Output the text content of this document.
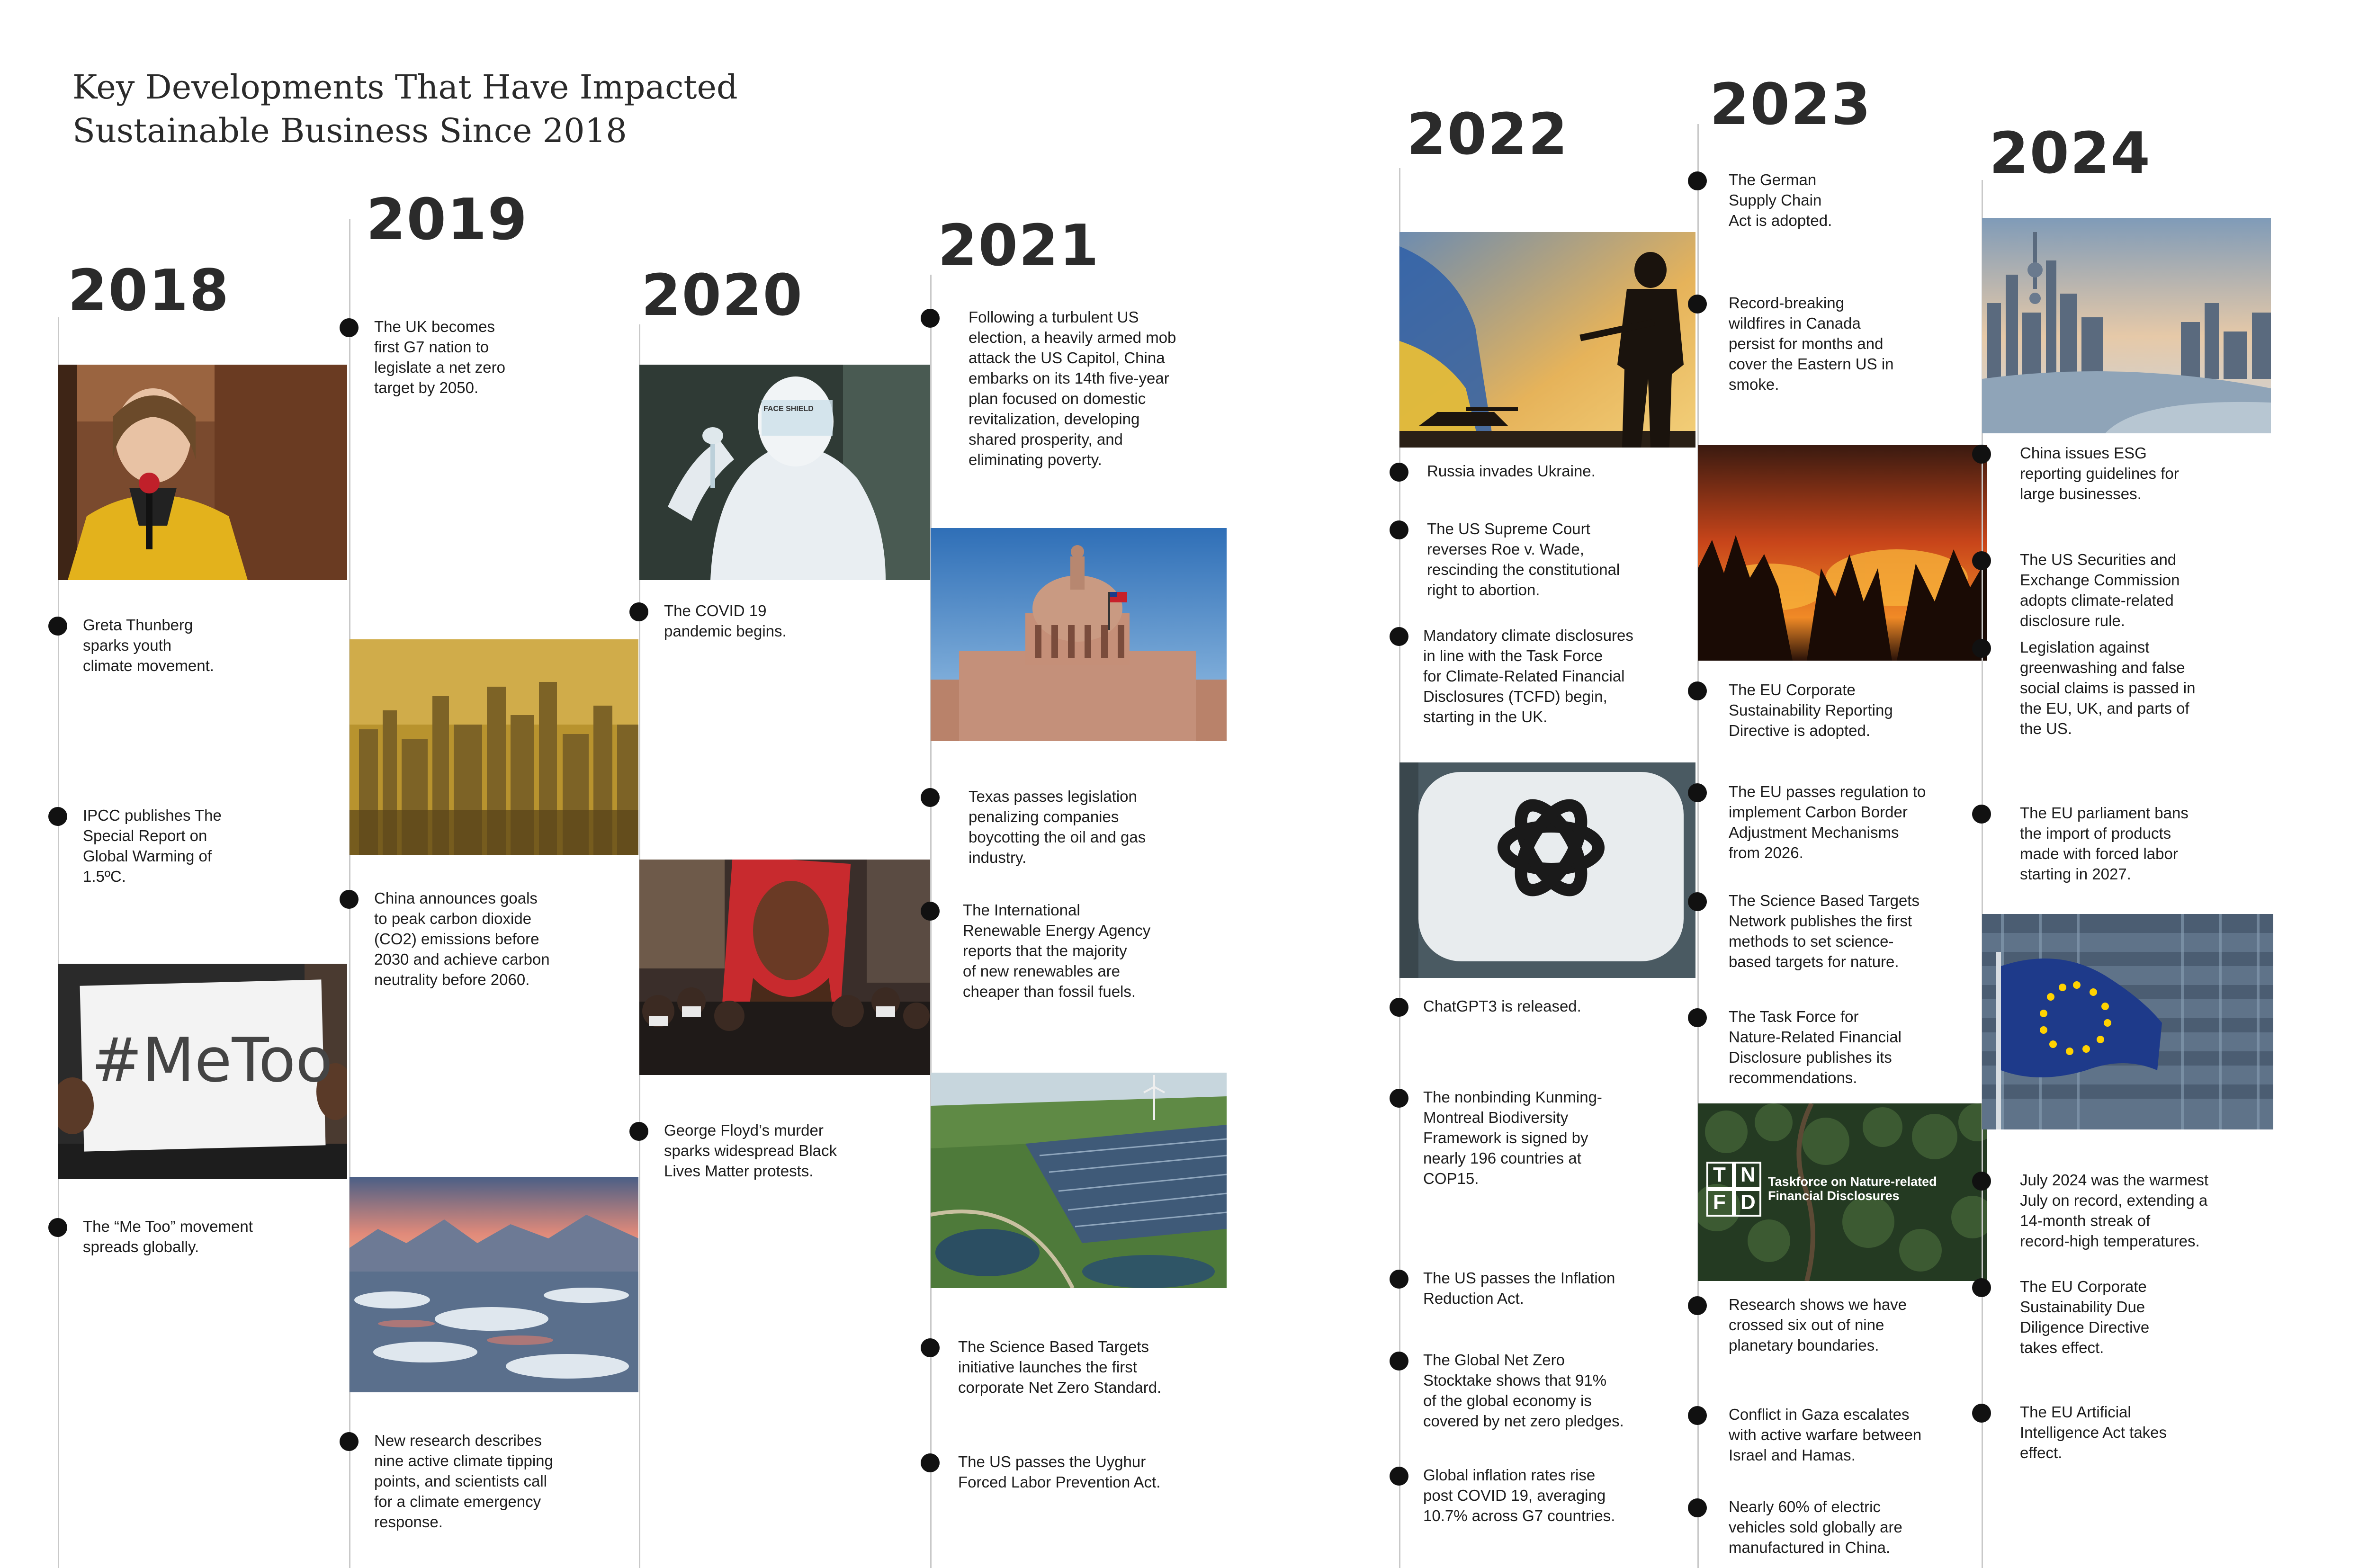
Key Developments That Have Impacted
Sustainable Business Since 2018
2018
Greta Thunberg
sparks youth
climate movement.
IPCC publishes The
Special Report on
Global Warming of
1.5ºC.
#MeToo
The “Me Too” movement
spreads globally.
2019
The UK becomes
first G7 nation to
legislate a net zero
target by 2050.
China announces goals
to peak carbon dioxide
(CO2) emissions before
2030 and achieve carbon
neutrality before 2060.
New research describes
nine active climate tipping
points, and scientists call
for a climate emergency
response.
2020
FACE SHIELD
The COVID 19
pandemic begins.
George Floyd’s murder
sparks widespread Black
Lives Matter protests.
2021
Following a turbulent US
election, a heavily armed mob
attack the US Capitol, China
embarks on its 14th five-year
plan focused on domestic
revitalization, developing
shared prosperity, and
eliminating poverty.
Texas passes legislation
penalizing companies
boycotting the oil and gas
industry.
The International
Renewable Energy Agency
reports that the majority
of new renewables are
cheaper than fossil fuels.
The Science Based Targets
initiative launches the first
corporate Net Zero Standard.
The US passes the Uyghur
Forced Labor Prevention Act.
2022
Russia invades Ukraine.
The US Supreme Court
reverses Roe v. Wade,
rescinding the constitutional
right to abortion.
Mandatory climate disclosures
in line with the Task Force
for Climate-Related Financial
Disclosures (TCFD) begin,
starting in the UK.
ChatGPT
ChatGPT3 is released.
The nonbinding Kunming-
Montreal Biodiversity
Framework is signed by
nearly 196 countries at
COP15.
The US passes the Inflation
Reduction Act.
The Global Net Zero
Stocktake shows that 91%
of the global economy is
covered by net zero pledges.
Global inflation rates rise
post COVID 19, averaging
10.7% across G7 countries.
2023
The German
Supply Chain
Act is adopted.
Record-breaking
wildfires in Canada
persist for months and
cover the Eastern US in
smoke.
The EU Corporate
Sustainability Reporting
Directive is adopted.
The EU passes regulation to
implement Carbon Border
Adjustment Mechanisms
from 2026.
The Science Based Targets
Network publishes the first
methods to set science-
based targets for nature.
The Task Force for
Nature-Related Financial
Disclosure publishes its
recommendations.
T N
F D
Taskforce on Nature-related
Financial Disclosures
Research shows we have
crossed six out of nine
planetary boundaries.
Conflict in Gaza escalates
with active warfare between
Israel and Hamas.
Nearly 60% of electric
vehicles sold globally are
manufactured in China.
2024
China issues ESG
reporting guidelines for
large businesses.
The US Securities and
Exchange Commission
adopts climate-related
disclosure rule.
Legislation against
greenwashing and false
social claims is passed in
the EU, UK, and parts of
the US.
The EU parliament bans
the import of products
made with forced labor
starting in 2027.
July 2024 was the warmest
July on record, extending a
14-month streak of
record-high temperatures.
The EU Corporate
Sustainability Due
Diligence Directive
takes effect.
The EU Artificial
Intelligence Act takes
effect.
